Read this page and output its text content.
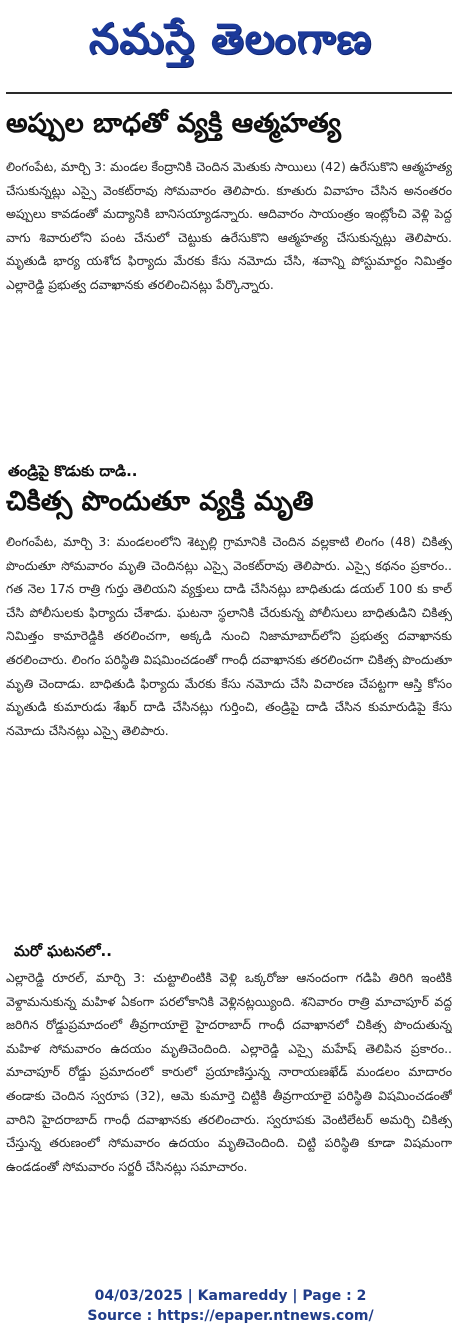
నమస్తే తెలంగాణ
అప్పుల బాధతో వ్యక్తి ఆత్మహత్య
లింగంపేట, మార్చి 3: మండల కేంద్రానికి చెందిన మెతుకు సాయిలు (42) ఉరేసుకొని ఆత్మహత్య చేసుకున్నట్లు ఎస్సై వెంకట్‌రావు సోమవారం తెలిపారు. కూతురు వివాహం చేసిన అనంతరం అప్పులు కావడంతో మద్యానికి బానిసయ్యాడన్నారు. ఆదివారం సాయంత్రం ఇంట్లోంచి వెళ్లి పెద్ద వాగు శివారులోని పంట చేనులో చెట్టుకు ఉరేసుకొని ఆత్మహత్య చేసుకున్నట్లు తెలిపారు. మృతుడి భార్య యశోద ఫిర్యాదు మేరకు కేసు నమోదు చేసి, శవాన్ని పోస్టుమార్టం నిమిత్తం ఎల్లారెడ్డి ప్రభుత్వ దవాఖానకు తరలించినట్లు పేర్కొన్నారు.
తండ్రిపై కొడుకు దాడి..
చికిత్స పొందుతూ వ్యక్తి మృతి
లింగంపేట, మార్చి 3: మండలంలోని శెట్పల్లి గ్రామానికి చెందిన వల్లకాటి లింగం (48) చికిత్స పొందుతూ సోమవారం మృతి చెందినట్లు ఎస్సై వెంకట్‌రావు తెలిపారు. ఎస్సై కథనం ప్రకారం.. గత నెల 17న రాత్రి గుర్తు తెలియని వ్యక్తులు దాడి చేసినట్లు బాధితుడు డయల్ 100 కు కాల్ చేసి పోలీసులకు ఫిర్యాదు చేశాడు. ఘటనా స్థలానికి చేరుకున్న పోలీసులు బాధితుడిని చికిత్స నిమిత్తం కామారెడ్డికి తరలించగా, అక్కడి నుంచి నిజామాబాద్‌లోని ప్రభుత్వ దవాఖానకు తరలించారు. లింగం పరిస్థితి విషమించడంతో గాంధీ దవాఖానకు తరలించగా చికిత్స పొందుతూ మృతి చెందాడు. బాధితుడి ఫిర్యాదు మేరకు కేసు నమోదు చేసి విచారణ చేపట్టగా ఆస్తి కోసం మృతుడి కుమారుడు శేఖర్ దాడి చేసినట్లు గుర్తించి, తండ్రిపై దాడి చేసిన కుమారుడిపై కేసు నమోదు చేసినట్లు ఎస్సై తెలిపారు.
మరో ఘటనలో..
ఎల్లారెడ్డి రూరల్, మార్చి 3: చుట్టాలింటికి వెళ్లి ఒక్కరోజు ఆనందంగా గడిపి తిరిగి ఇంటికి వెళ్దామనుకున్న మహిళ ఏకంగా పరలోకానికి వెళ్లినట్లయ్యింది. శనివారం రాత్రి మాచాపూర్ వద్ద జరిగిన రోడ్డుప్రమాదంలో తీవ్రగాయాలై హైదరాబాద్ గాంధీ దవాఖానలో చికిత్స పొందుతున్న మహిళ సోమవారం ఉదయం మృతిచెందింది. ఎల్లారెడ్డి ఎస్సై మహేష్ తెలిపిన ప్రకారం.. మాచాపూర్ రోడ్డు ప్రమాదంలో కారులో ప్రయాణిస్తున్న నారాయణఖేడ్ మండలం మాదారం తండాకు చెందిన స్వరూప (32), ఆమె కుమార్తె చిట్టికి తీవ్రగాయాలై పరిస్థితి విషమించడంతో వారిని హైదరాబాద్ గాంధీ దవాఖానకు తరలించారు. స్వరూపకు వెంటిలేటర్ అమర్చి చికిత్స చేస్తున్న తరుణంలో సోమవారం ఉదయం మృతిచెందింది. చిట్టి పరిస్థితి కూడా విషమంగా ఉండడంతో సోమవారం సర్జరీ చేసినట్లు సమాచారం.
04/03/2025 | Kamareddy | Page : 2
Source : https://epaper.ntnews.com/
